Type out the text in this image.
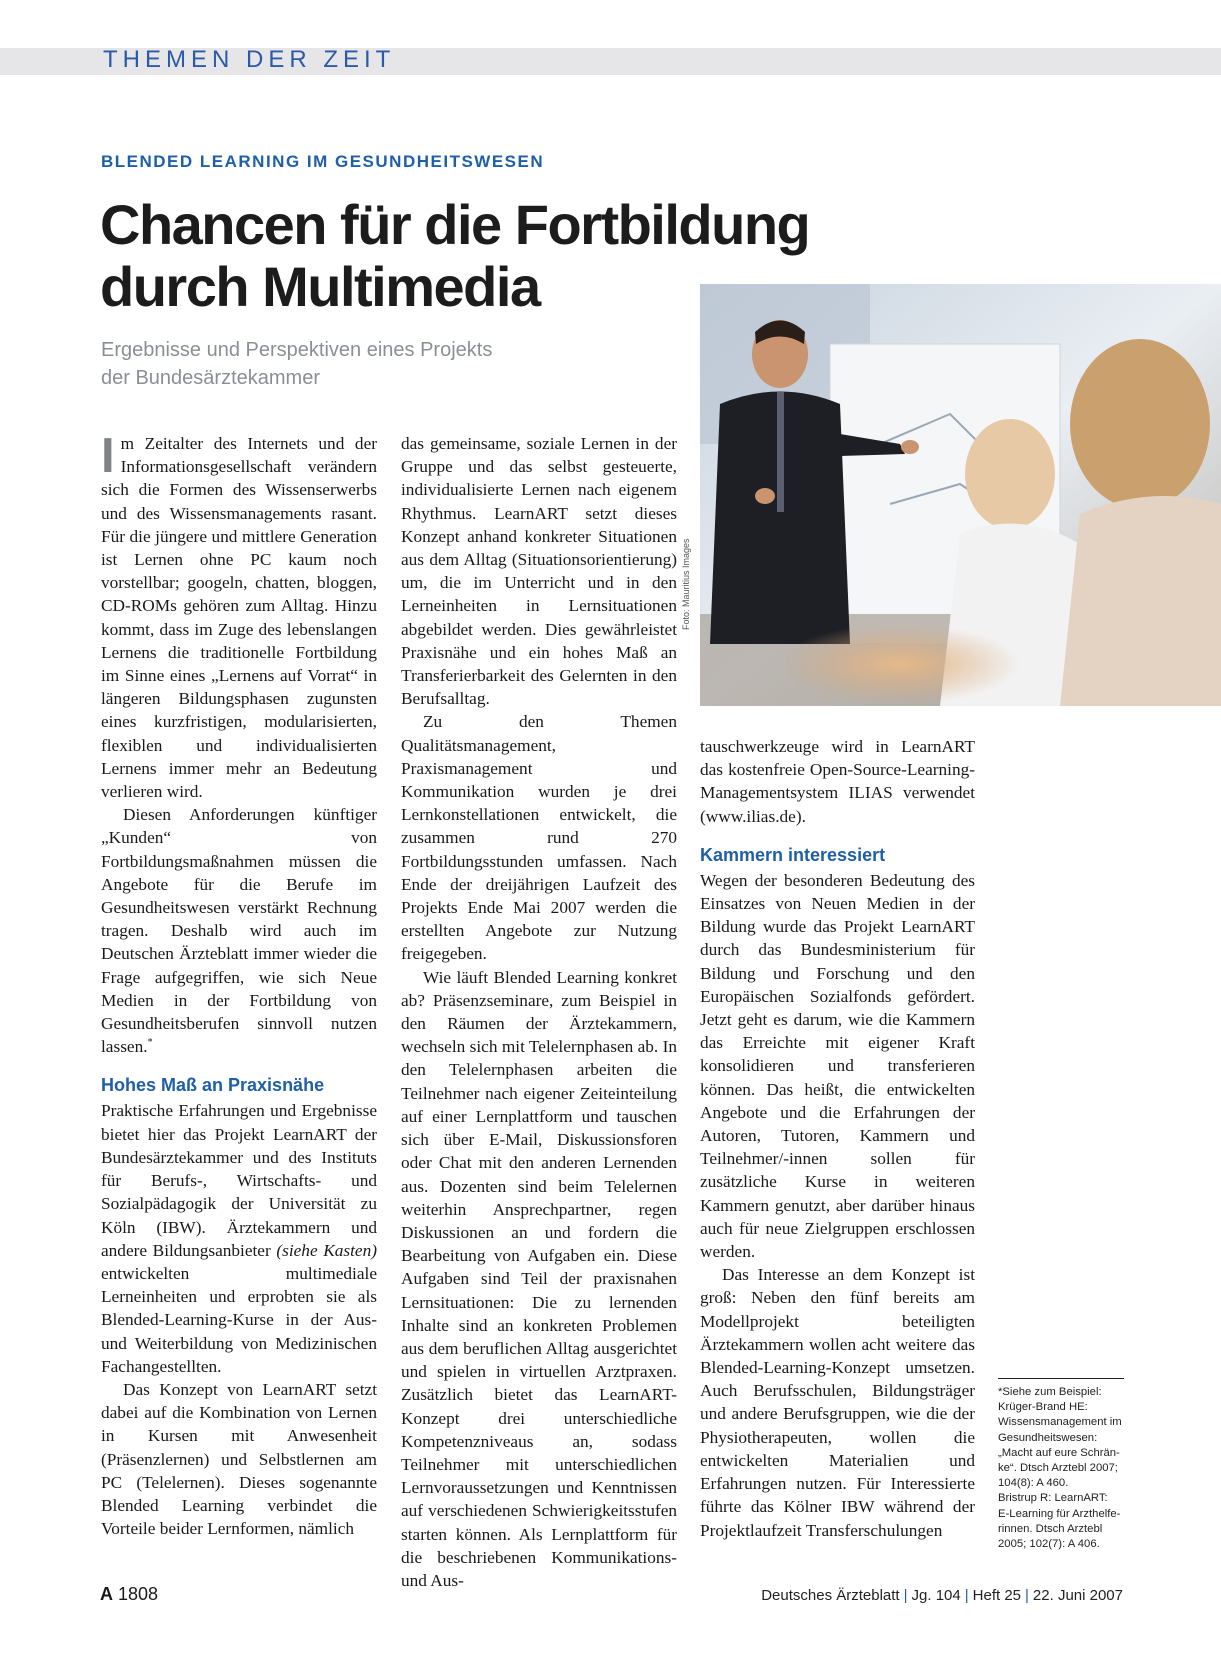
THEMEN DER ZEIT
BLENDED LEARNING IM GESUNDHEITSWESEN
Chancen für die Fortbildung
durch Multimedia
Ergebnisse und Perspektiven eines Projekts
der Bundesärztekammer
Foto: Mauritius Images

Im Zeitalter des Internets und der Informationsgesellschaft verändern sich die Formen des Wissenserwerbs und des Wissensmanagements rasant. Für die jüngere und mittlere Generation ist Lernen ohne PC kaum noch vorstellbar; googeln, chatten, bloggen, CD-ROMs gehören zum Alltag. Hinzu kommt, dass im Zuge des lebenslangen Lernens die traditionelle Fortbildung im Sinne eines „Lernens auf Vorrat“ in längeren Bildungsphasen zugunsten eines kurzfristigen, modularisierten, flexiblen und individualisierten Lernens immer mehr an Bedeutung verlieren wird.

Diesen Anforderungen künftiger „Kunden“ von Fortbildungsmaßnahmen müssen die Angebote für die Berufe im Gesundheitswesen verstärkt Rechnung tragen. Deshalb wird auch im Deutschen Ärzteblatt immer wieder die Frage aufgegriffen, wie sich Neue Medien in der Fortbildung von Gesundheitsberufen sinnvoll nutzen lassen.*

Hohes Maß an Praxisnähe

Praktische Erfahrungen und Ergebnisse bietet hier das Projekt LearnART der Bundesärztekammer und des Instituts für Berufs-, Wirtschafts- und Sozialpädagogik der Universität zu Köln (IBW). Ärztekammern und andere Bildungsanbieter (siehe Kasten) entwickelten multimediale Lerneinheiten und erprobten sie als Blended-Learning-Kurse in der Aus- und Weiterbildung von Medizinischen Fachangestellten.

Das Konzept von LearnART setzt dabei auf die Kombination von Lernen in Kursen mit Anwesenheit (Präsenzlernen) und Selbstlernen am PC (Telelernen). Dieses sogenannte Blended Learning verbindet die Vorteile beider Lernformen, nämlich

das gemeinsame, soziale Lernen in der Gruppe und das selbst gesteuerte, individualisierte Lernen nach eigenem Rhythmus. LearnART setzt dieses Konzept anhand konkreter Situationen aus dem Alltag (Situationsorientierung) um, die im Unterricht und in den Lerneinheiten in Lernsituationen abgebildet werden. Dies gewährleistet Praxisnähe und ein hohes Maß an Transferierbarkeit des Gelernten in den Berufsalltag.

Zu den Themen Qualitätsmanagement, Praxismanagement und Kommunikation wurden je drei Lernkonstellationen entwickelt, die zusammen rund 270 Fortbildungsstunden umfassen. Nach Ende der dreijährigen Laufzeit des Projekts Ende Mai 2007 werden die erstellten Angebote zur Nutzung freigegeben.

Wie läuft Blended Learning konkret ab? Präsenzseminare, zum Beispiel in den Räumen der Ärztekammern, wechseln sich mit Telelernphasen ab. In den Telelernphasen arbeiten die Teilnehmer nach eigener Zeiteinteilung auf einer Lernplattform und tauschen sich über E-Mail, Diskussionsforen oder Chat mit den anderen Lernenden aus. Dozenten sind beim Telelernen weiterhin Ansprechpartner, regen Diskussionen an und fordern die Bearbeitung von Aufgaben ein. Diese Aufgaben sind Teil der praxisnahen Lernsituationen: Die zu lernenden Inhalte sind an konkreten Problemen aus dem beruflichen Alltag ausgerichtet und spielen in virtuellen Arztpraxen. Zusätzlich bietet das LearnART-Konzept drei unterschiedliche Kompetenzniveaus an, sodass Teilnehmer mit unterschiedlichen Lernvoraussetzungen und Kenntnissen auf verschiedenen Schwierigkeitsstufen starten können. Als Lernplattform für die beschriebenen Kommunikations- und Aus-

tauschwerkzeuge wird in LearnART das kostenfreie Open-Source-Learning-Managementsystem ILIAS verwendet (www.ilias.de).

Kammern interessiert

Wegen der besonderen Bedeutung des Einsatzes von Neuen Medien in der Bildung wurde das Projekt LearnART durch das Bundesministerium für Bildung und Forschung und den Europäischen Sozialfonds gefördert. Jetzt geht es darum, wie die Kammern das Erreichte mit eigener Kraft konsolidieren und transferieren können. Das heißt, die entwickelten Angebote und die Erfahrungen der Autoren, Tutoren, Kammern und Teilnehmer/-innen sollen für zusätzliche Kurse in weiteren Kammern genutzt, aber darüber hinaus auch für neue Zielgruppen erschlossen werden.

Das Interesse an dem Konzept ist groß: Neben den fünf bereits am Modellprojekt beteiligten Ärztekammern wollen acht weitere das Blended-Learning-Konzept umsetzen. Auch Berufsschulen, Bildungsträger und andere Berufsgruppen, wie die der Physiotherapeuten, wollen die entwickelten Materialien und Erfahrungen nutzen. Für Interessierte führte das Kölner IBW während der Projektlaufzeit Transferschulungen

*Siehe zum Beispiel:
Krüger-Brand HE:
Wissensmanagement im
Gesundheitswesen:
„Macht auf eure Schrän-
ke“. Dtsch Arztebl 2007;
104(8): A 460.
Bristrup R: LearnART:
E-Learning für Arzthelfe-
rinnen. Dtsch Arztebl
2005; 102(7): A 406.
A 1808	Deutsches Ärzteblatt | Jg. 104 | Heft 25 | 22. Juni 2007
